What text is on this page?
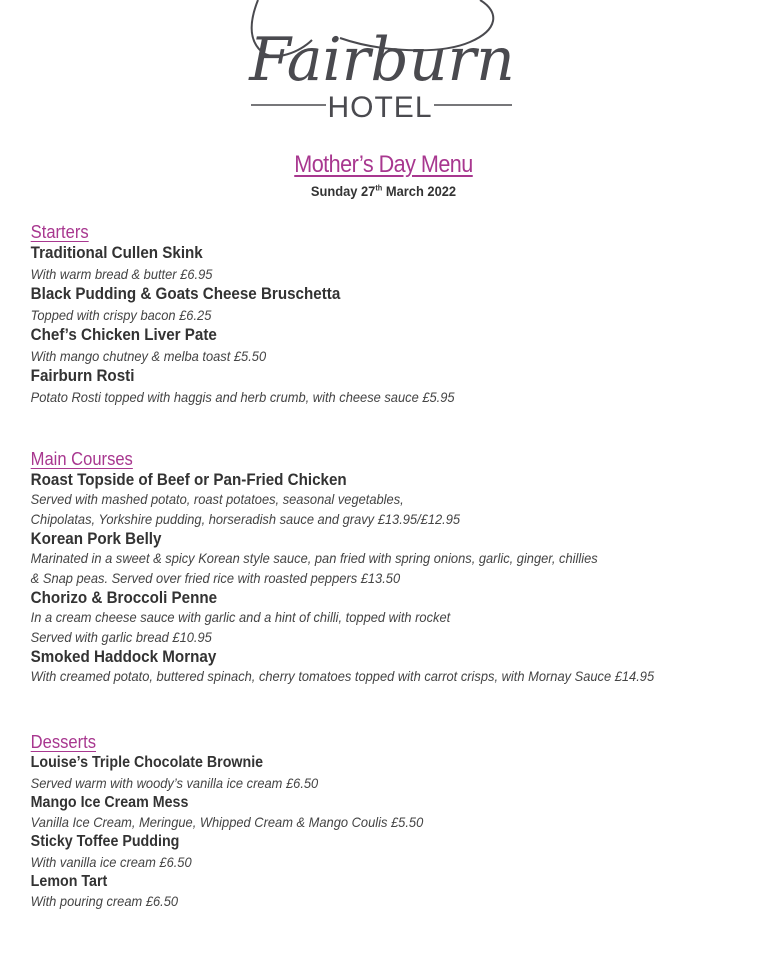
Fairburn
HOTEL
Mother’s Day Menu
Sunday 27th March 2022
Starters
Traditional Cullen Skink
With warm bread & butter £6.95
Black Pudding & Goats Cheese Bruschetta
Topped with crispy bacon £6.25
Chef’s Chicken Liver Pate
With mango chutney & melba toast £5.50
Fairburn Rosti
Potato Rosti topped with haggis and herb crumb, with cheese sauce £5.95
Main Courses
Roast Topside of Beef or Pan-Fried Chicken
Served with mashed potato, roast potatoes, seasonal vegetables,
Chipolatas, Yorkshire pudding, horseradish sauce and gravy £13.95/£12.95
Korean Pork Belly
Marinated in a sweet & spicy Korean style sauce, pan fried with spring onions, garlic, ginger, chillies
& Snap peas. Served over fried rice with roasted peppers £13.50
Chorizo & Broccoli Penne
In a cream cheese sauce with garlic and a hint of chilli, topped with rocket
Served with garlic bread £10.95
Smoked Haddock Mornay
With creamed potato, buttered spinach, cherry tomatoes topped with carrot crisps, with Mornay Sauce £14.95
Desserts
Louise’s Triple Chocolate Brownie
Served warm with woody’s vanilla ice cream £6.50
Mango Ice Cream Mess
Vanilla Ice Cream, Meringue, Whipped Cream & Mango Coulis £5.50
Sticky Toffee Pudding
With vanilla ice cream £6.50
Lemon Tart
With pouring cream £6.50
